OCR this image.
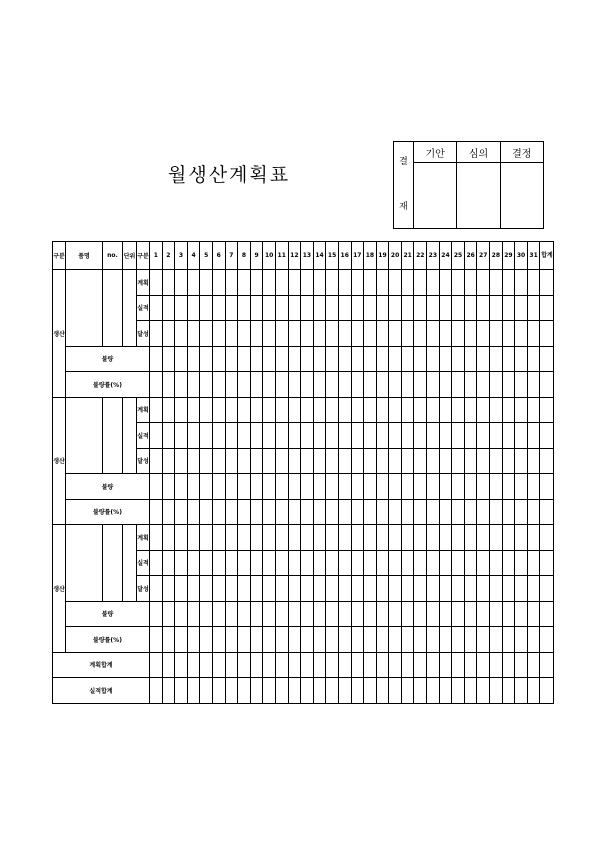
월생산계획표
결

재	기안	심의	결정

구분	품명	no.	단위	구분	1	2	3	4	5	6	7	8	9	10	11	12	13	14	15	16	17	18	19	20	21	22	23	24	25	26	27	28	29	30	31	합계
생산				계획																																
				실적																																
				달성																																
	불량																																			
	불량률(%)																																			
생산				계획																																
				실적																																
				달성																																
	불량																																			
	불량률(%)																																			
생산				계획																																
				실적																																
				달성																																
	불량																																			
	불량률(%)																																			
계획합계																																				
실적합계																																				
